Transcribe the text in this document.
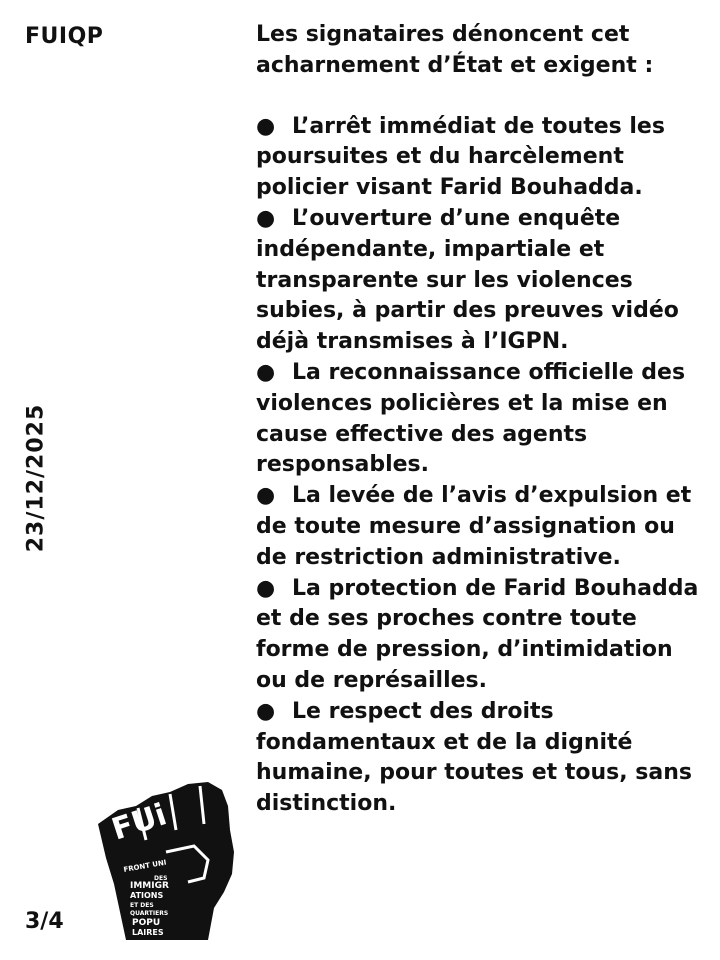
FUIQP
23/12/2025
3/4

Les signataires dénoncent cet acharnement d’État et exigent :

● L’arrêt immédiat de toutes les poursuites et du harcèlement policier visant Farid Bouhadda.
● L’ouverture d’une enquête indépendante, impartiale et transparente sur les violences subies, à partir des preuves vidéo déjà transmises à l’IGPN.
● La reconnaissance officielle des violences policières et la mise en cause effective des agents responsables.
● La levée de l’avis d’expulsion et de toute mesure d’assignation ou de restriction administrative.
● La protection de Farid Bouhadda et de ses proches contre toute forme de pression, d’intimidation ou de représailles.
● Le respect des droits fondamentaux et de la dignité humaine, pour toutes et tous, sans distinction.
FUi
FRONT UNI
DES
IMMIGR
ATIONS
ET DES
QUARTIERS
POPU
LAIRES
